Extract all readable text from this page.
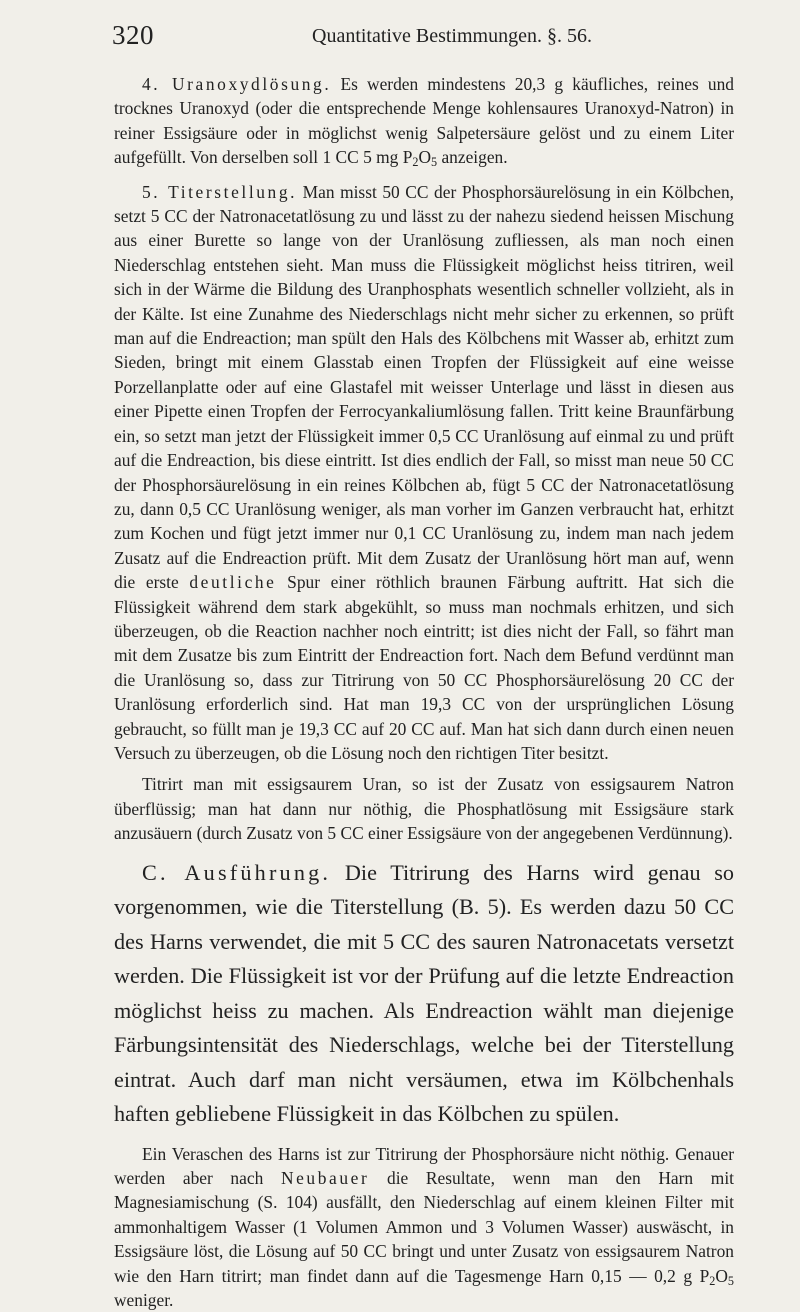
320	Quantitative Bestimmungen. §. 56.

4. Uranoxydlösung. Es werden mindestens 20,3 g käufliches, reines und trocknes Uranoxyd (oder die entsprechende Menge kohlensaures Uranoxyd-Natron) in reiner Essigsäure oder in möglichst wenig Salpetersäure gelöst und zu einem Liter aufgefüllt. Von derselben soll 1 CC 5 mg $P_2O_5$ anzeigen.

5. Titerstellung. Man misst 50 CC der Phosphorsäurelösung in ein Kölbchen, setzt 5 CC der Natronacetatlösung zu und lässt zu der nahezu siedend heissen Mischung aus einer Burette so lange von der Uranlösung zufliessen, als man noch einen Niederschlag entstehen sieht. Man muss die Flüssigkeit möglichst heiss titriren, weil sich in der Wärme die Bildung des Uranphosphats wesentlich schneller vollzieht, als in der Kälte. Ist eine Zunahme des Niederschlags nicht mehr sicher zu erkennen, so prüft man auf die Endreaction; man spült den Hals des Kölbchens mit Wasser ab, erhitzt zum Sieden, bringt mit einem Glasstab einen Tropfen der Flüssigkeit auf eine weisse Porzellanplatte oder auf eine Glastafel mit weisser Unterlage und lässt in diesen aus einer Pipette einen Tropfen der Ferrocyankaliumlösung fallen. Tritt keine Braunfärbung ein, so setzt man jetzt der Flüssigkeit immer 0,5 CC Uranlösung auf einmal zu und prüft auf die Endreaction, bis diese eintritt. Ist dies endlich der Fall, so misst man neue 50 CC der Phosphorsäurelösung in ein reines Kölbchen ab, fügt 5 CC der Natronacetatlösung zu, dann 0,5 CC Uranlösung weniger, als man vorher im Ganzen verbraucht hat, erhitzt zum Kochen und fügt jetzt immer nur 0,1 CC Uranlösung zu, indem man nach jedem Zusatz auf die Endreaction prüft. Mit dem Zusatz der Uranlösung hört man auf, wenn die erste deutliche Spur einer röthlich braunen Färbung auftritt. Hat sich die Flüssigkeit während dem stark abgekühlt, so muss man nochmals erhitzen, und sich überzeugen, ob die Reaction nachher noch eintritt; ist dies nicht der Fall, so fährt man mit dem Zusatze bis zum Eintritt der Endreaction fort. Nach dem Befund verdünnt man die Uranlösung so, dass zur Titrirung von 50 CC Phosphorsäurelösung 20 CC der Uranlösung erforderlich sind. Hat man 19,3 CC von der ursprünglichen Lösung gebraucht, so füllt man je 19,3 CC auf 20 CC auf. Man hat sich dann durch einen neuen Versuch zu überzeugen, ob die Lösung noch den richtigen Titer besitzt.

Titrirt man mit essigsaurem Uran, so ist der Zusatz von essigsaurem Natron überflüssig; man hat dann nur nöthig, die Phosphatlösung mit Essigsäure stark anzusäuern (durch Zusatz von 5 CC einer Essigsäure von der angegebenen Verdünnung).

C. Ausführung. Die Titrirung des Harns wird genau so vorgenommen, wie die Titerstellung (B. 5). Es werden dazu 50 CC des Harns verwendet, die mit 5 CC des sauren Natronacetats versetzt werden. Die Flüssigkeit ist vor der Prüfung auf die letzte Endreaction möglichst heiss zu machen. Als Endreaction wählt man diejenige Färbungsintensität des Niederschlags, welche bei der Titerstellung eintrat. Auch darf man nicht versäumen, etwa im Kölbchenhals haften gebliebene Flüssigkeit in das Kölbchen zu spülen.

Ein Veraschen des Harns ist zur Titrirung der Phosphorsäure nicht nöthig. Genauer werden aber nach Neubauer die Resultate, wenn man den Harn mit Magnesiamischung (S. 104) ausfällt, den Niederschlag auf einem kleinen Filter mit ammonhaltigem Wasser (1 Volumen Ammon und 3 Volumen Wasser) auswäscht, in Essigsäure löst, die Lösung auf 50 CC bringt und unter Zusatz von essigsaurem Natron wie den Harn titrirt; man findet dann auf die Tagesmenge Harn 0,15 — 0,2 g $P_2O_5$ weniger.
